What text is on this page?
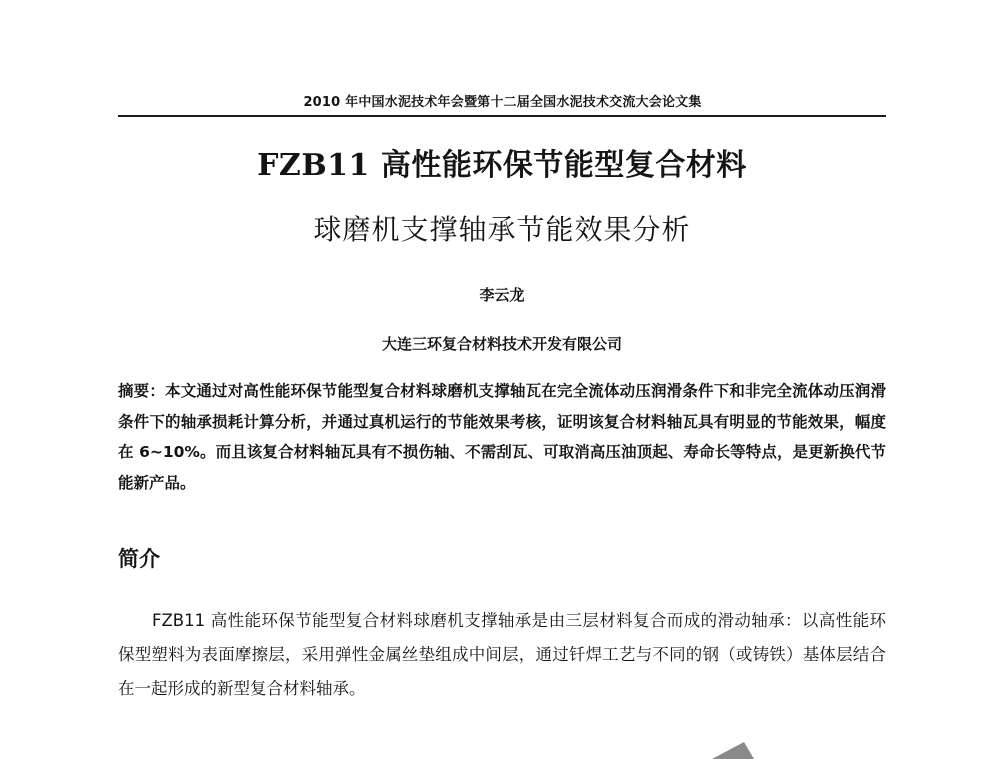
2010 年中国水泥技术年会暨第十二届全国水泥技术交流大会论文集
FZB11 高性能环保节能型复合材料
球磨机支撑轴承节能效果分析
李云龙
大连三环复合材料技术开发有限公司
摘要：本文通过对高性能环保节能型复合材料球磨机支撑轴瓦在完全流体动压润滑条件下和非完全流体动压润滑条件下的轴承损耗计算分析，并通过真机运行的节能效果考核，证明该复合材料轴瓦具有明显的节能效果，幅度在 6~10%。而且该复合材料轴瓦具有不损伤轴、不需刮瓦、可取消高压油顶起、寿命长等特点，是更新换代节能新产品。
简介
FZB11 高性能环保节能型复合材料球磨机支撑轴承是由三层材料复合而成的滑动轴承：以高性能环保型塑料为表面摩擦层，采用弹性金属丝垫组成中间层，通过钎焊工艺与不同的钢（或铸铁）基体层结合在一起形成的新型复合材料轴承。
